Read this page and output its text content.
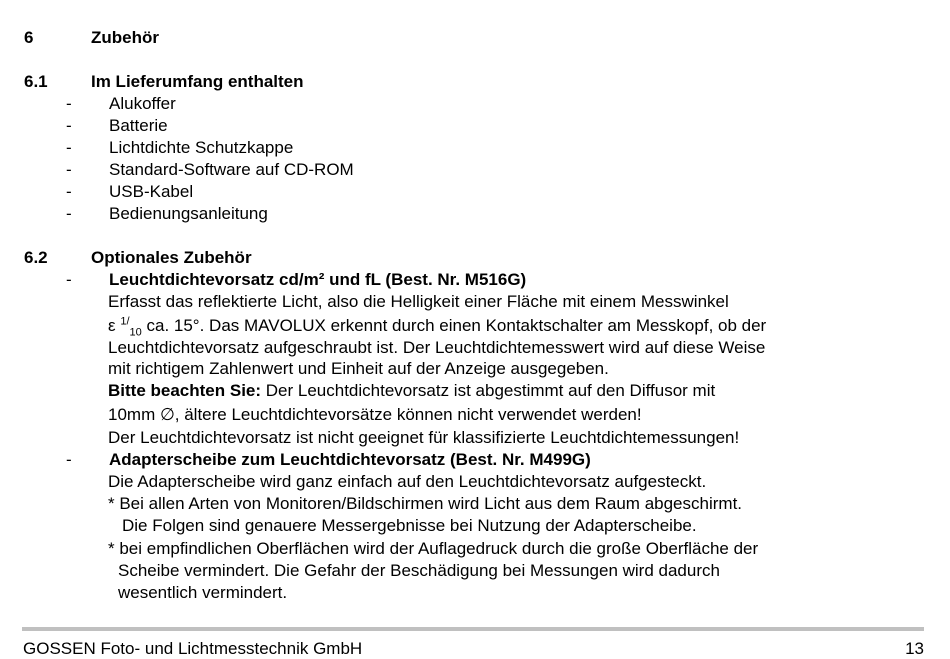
6	Zubehör
6.1	Im Lieferumfang enthalten
- Alukoffer
- Batterie
- Lichtdichte Schutzkappe
- Standard-Software auf CD-ROM
- USB-Kabel
- Bedienungsanleitung
6.2	Optionales Zubehör
- Leuchtdichtevorsatz cd/m² und fL (Best. Nr. M516G)
Erfasst das reflektierte Licht, also die Helligkeit einer Fläche mit einem Messwinkel
ε $^{1/}_{10}$ ca. 15°. Das MAVOLUX erkennt durch einen Kontaktschalter am Messkopf, ob der
Leuchtdichtevorsatz aufgeschraubt ist. Der Leuchtdichtemesswert wird auf diese Weise
mit richtigem Zahlenwert und Einheit auf der Anzeige ausgegeben.
Bitte beachten Sie: Der Leuchtdichtevorsatz ist abgestimmt auf den Diffusor mit
10mm ∅, ältere Leuchtdichtevorsätze können nicht verwendet werden!
Der Leuchtdichtevorsatz ist nicht geeignet für klassifizierte Leuchtdichtemessungen!
- Adapterscheibe zum Leuchtdichtevorsatz (Best. Nr. M499G)
Die Adapterscheibe wird ganz einfach auf den Leuchtdichtevorsatz aufgesteckt.
* Bei allen Arten von Monitoren/Bildschirmen wird Licht aus dem Raum abgeschirmt.
Die Folgen sind genauere Messergebnisse bei Nutzung der Adapterscheibe.
* bei empfindlichen Oberflächen wird der Auflagedruck durch die große Oberfläche der
Scheibe vermindert. Die Gefahr der Beschädigung bei Messungen wird dadurch
wesentlich vermindert.
GOSSEN Foto- und Lichtmesstechnik GmbH	13
